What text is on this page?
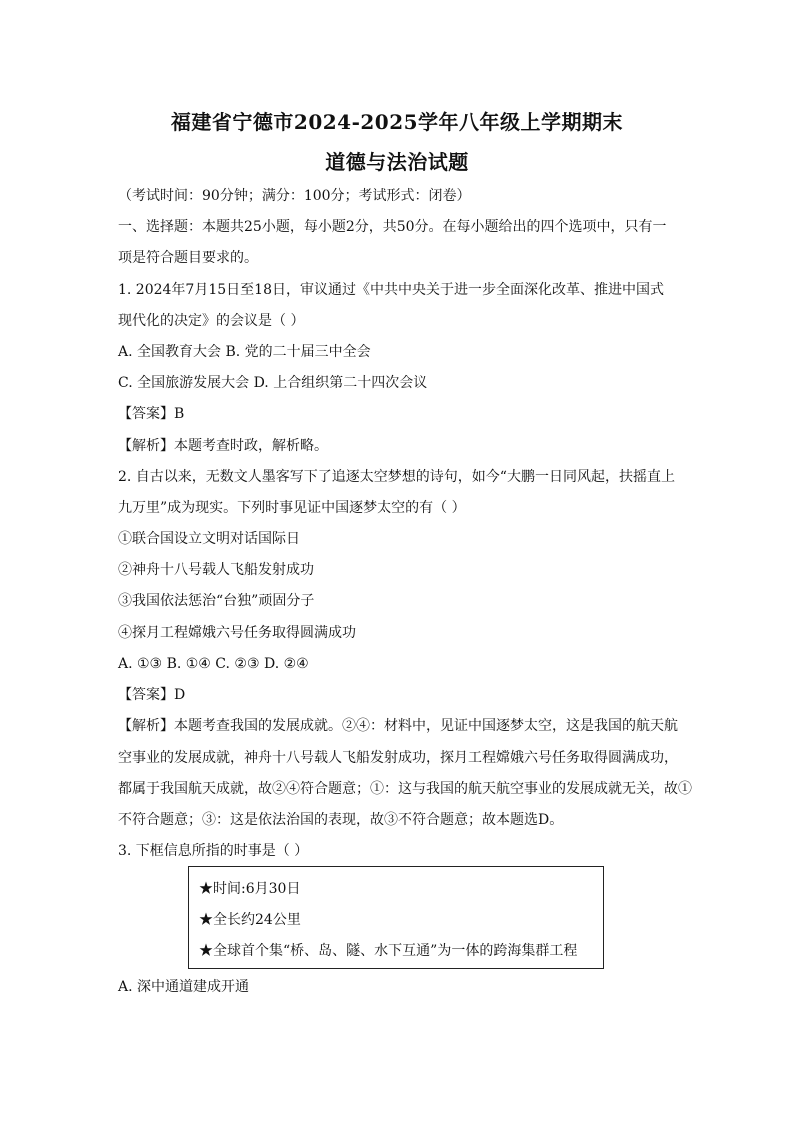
福建省宁德市2024-2025学年八年级上学期期末
道德与法治试题
（考试时间：90分钟；满分：100分；考试形式：闭卷）
一、选择题：本题共25小题，每小题2分，共50分。在每小题给出的四个选项中，只有一
项是符合题目要求的。
1. 2024年7月15日至18日，审议通过《中共中央关于进一步全面深化改革、推进中国式
现代化的决定》的会议是（ ）
A. 全国教育大会 B. 党的二十届三中全会
C. 全国旅游发展大会 D. 上合组织第二十四次会议
【答案】B
【解析】本题考查时政，解析略。
2. 自古以来，无数文人墨客写下了追逐太空梦想的诗句，如今“大鹏一日同风起，扶摇直上
九万里”成为现实。下列时事见证中国逐梦太空的有（ ）
①联合国设立文明对话国际日
②神舟十八号载人飞船发射成功
③我国依法惩治“台独”顽固分子
④探月工程嫦娥六号任务取得圆满成功
A. ①③ B. ①④ C. ②③ D. ②④
【答案】D
【解析】本题考查我国的发展成就。②④：材料中，见证中国逐梦太空，这是我国的航天航
空事业的发展成就，神舟十八号载人飞船发射成功，探月工程嫦娥六号任务取得圆满成功，
都属于我国航天成就，故②④符合题意；①：这与我国的航天航空事业的发展成就无关，故①
不符合题意；③：这是依法治国的表现，故③不符合题意；故本题选D。
3. 下框信息所指的时事是（ ）
★时间:6月30日
★全长约24公里
★全球首个集“桥、岛、隧、水下互通”为一体的跨海集群工程
A. 深中通道建成开通
